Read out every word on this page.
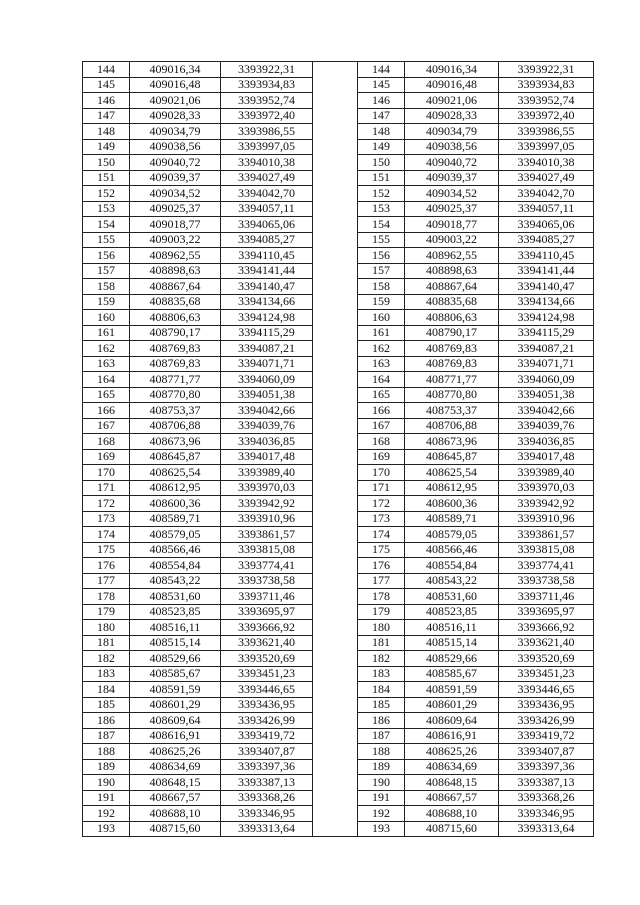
144	409016,34	3393922,31		144	409016,34	3393922,31
145	409016,48	3393934,83		145	409016,48	3393934,83
146	409021,06	3393952,74		146	409021,06	3393952,74
147	409028,33	3393972,40		147	409028,33	3393972,40
148	409034,79	3393986,55		148	409034,79	3393986,55
149	409038,56	3393997,05		149	409038,56	3393997,05
150	409040,72	3394010,38		150	409040,72	3394010,38
151	409039,37	3394027,49		151	409039,37	3394027,49
152	409034,52	3394042,70		152	409034,52	3394042,70
153	409025,37	3394057,11		153	409025,37	3394057,11
154	409018,77	3394065,06		154	409018,77	3394065,06
155	409003,22	3394085,27		155	409003,22	3394085,27
156	408962,55	3394110,45		156	408962,55	3394110,45
157	408898,63	3394141,44		157	408898,63	3394141,44
158	408867,64	3394140,47		158	408867,64	3394140,47
159	408835,68	3394134,66		159	408835,68	3394134,66
160	408806,63	3394124,98		160	408806,63	3394124,98
161	408790,17	3394115,29		161	408790,17	3394115,29
162	408769,83	3394087,21		162	408769,83	3394087,21
163	408769,83	3394071,71		163	408769,83	3394071,71
164	408771,77	3394060,09		164	408771,77	3394060,09
165	408770,80	3394051,38		165	408770,80	3394051,38
166	408753,37	3394042,66		166	408753,37	3394042,66
167	408706,88	3394039,76		167	408706,88	3394039,76
168	408673,96	3394036,85		168	408673,96	3394036,85
169	408645,87	3394017,48		169	408645,87	3394017,48
170	408625,54	3393989,40		170	408625,54	3393989,40
171	408612,95	3393970,03		171	408612,95	3393970,03
172	408600,36	3393942,92		172	408600,36	3393942,92
173	408589,71	3393910,96		173	408589,71	3393910,96
174	408579,05	3393861,57		174	408579,05	3393861,57
175	408566,46	3393815,08		175	408566,46	3393815,08
176	408554,84	3393774,41		176	408554,84	3393774,41
177	408543,22	3393738,58		177	408543,22	3393738,58
178	408531,60	3393711,46		178	408531,60	3393711,46
179	408523,85	3393695,97		179	408523,85	3393695,97
180	408516,11	3393666,92		180	408516,11	3393666,92
181	408515,14	3393621,40		181	408515,14	3393621,40
182	408529,66	3393520,69		182	408529,66	3393520,69
183	408585,67	3393451,23		183	408585,67	3393451,23
184	408591,59	3393446,65		184	408591,59	3393446,65
185	408601,29	3393436,95		185	408601,29	3393436,95
186	408609,64	3393426,99		186	408609,64	3393426,99
187	408616,91	3393419,72		187	408616,91	3393419,72
188	408625,26	3393407,87		188	408625,26	3393407,87
189	408634,69	3393397,36		189	408634,69	3393397,36
190	408648,15	3393387,13		190	408648,15	3393387,13
191	408667,57	3393368,26		191	408667,57	3393368,26
192	408688,10	3393346,95		192	408688,10	3393346,95
193	408715,60	3393313,64		193	408715,60	3393313,64
